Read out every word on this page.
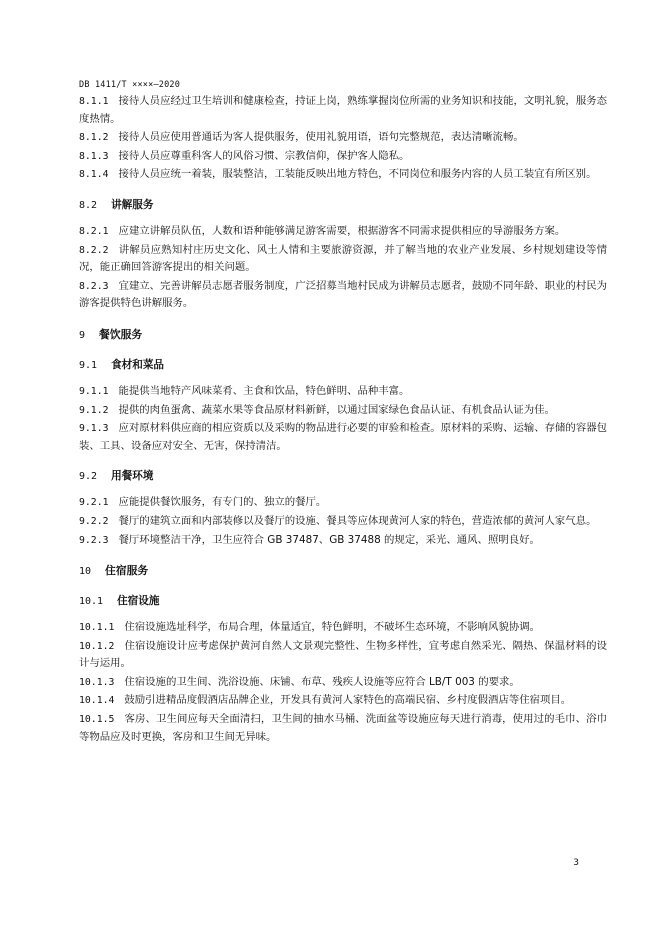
DB 1411/T ××××—2020
8.1.1 接待人员应经过卫生培训和健康检查，持证上岗，熟练掌握岗位所需的业务知识和技能，文明礼貌，服务态度热情。
8.1.2 接待人员应使用普通话为客人提供服务，使用礼貌用语，语句完整规范，表达清晰流畅。
8.1.3 接待人员应尊重科客人的风俗习惯、宗教信仰，保护客人隐私。
8.1.4 接待人员应统一着装，服装整洁，工装能反映出地方特色，不同岗位和服务内容的人员工装宜有所区别。
8.2 讲解服务
8.2.1 应建立讲解员队伍，人数和语种能够满足游客需要，根据游客不同需求提供相应的导游服务方案。
8.2.2 讲解员应熟知村庄历史文化、风土人情和主要旅游资源，并了解当地的农业产业发展、乡村规划建设等情况，能正确回答游客提出的相关问题。
8.2.3 宜建立、完善讲解员志愿者服务制度，广泛招募当地村民成为讲解员志愿者，鼓励不同年龄、职业的村民为游客提供特色讲解服务。
9 餐饮服务
9.1 食材和菜品
9.1.1 能提供当地特产风味菜肴、主食和饮品，特色鲜明、品种丰富。
9.1.2 提供的肉鱼蛋禽、蔬菜水果等食品原材料新鲜，以通过国家绿色食品认证、有机食品认证为佳。
9.1.3 应对原材料供应商的相应资质以及采购的物品进行必要的审验和检查。原材料的采购、运输、存储的容器包装、工具、设备应对安全、无害，保持清洁。
9.2 用餐环境
9.2.1 应能提供餐饮服务，有专门的、独立的餐厅。
9.2.2 餐厅的建筑立面和内部装修以及餐厅的设施、餐具等应体现黄河人家的特色，营造浓郁的黄河人家气息。
9.2.3 餐厅环境整洁干净，卫生应符合 GB 37487、GB 37488 的规定，采光、通风、照明良好。
10 住宿服务
10.1 住宿设施
10.1.1 住宿设施选址科学，布局合理，体量适宜，特色鲜明，不破坏生态环境，不影响风貌协调。
10.1.2 住宿设施设计应考虑保护黄河自然人文景观完整性、生物多样性，宜考虑自然采光、隔热、保温材料的设计与运用。
10.1.3 住宿设施的卫生间、洗浴设施、床铺、布草、残疾人设施等应符合 LB/T 003 的要求。
10.1.4 鼓励引进精品度假酒店品牌企业，开发具有黄河人家特色的高端民宿、乡村度假酒店等住宿项目。
10.1.5 客房、卫生间应每天全面清扫，卫生间的抽水马桶、洗面盆等设施应每天进行消毒，使用过的毛巾、浴巾等物品应及时更换，客房和卫生间无异味。
3
